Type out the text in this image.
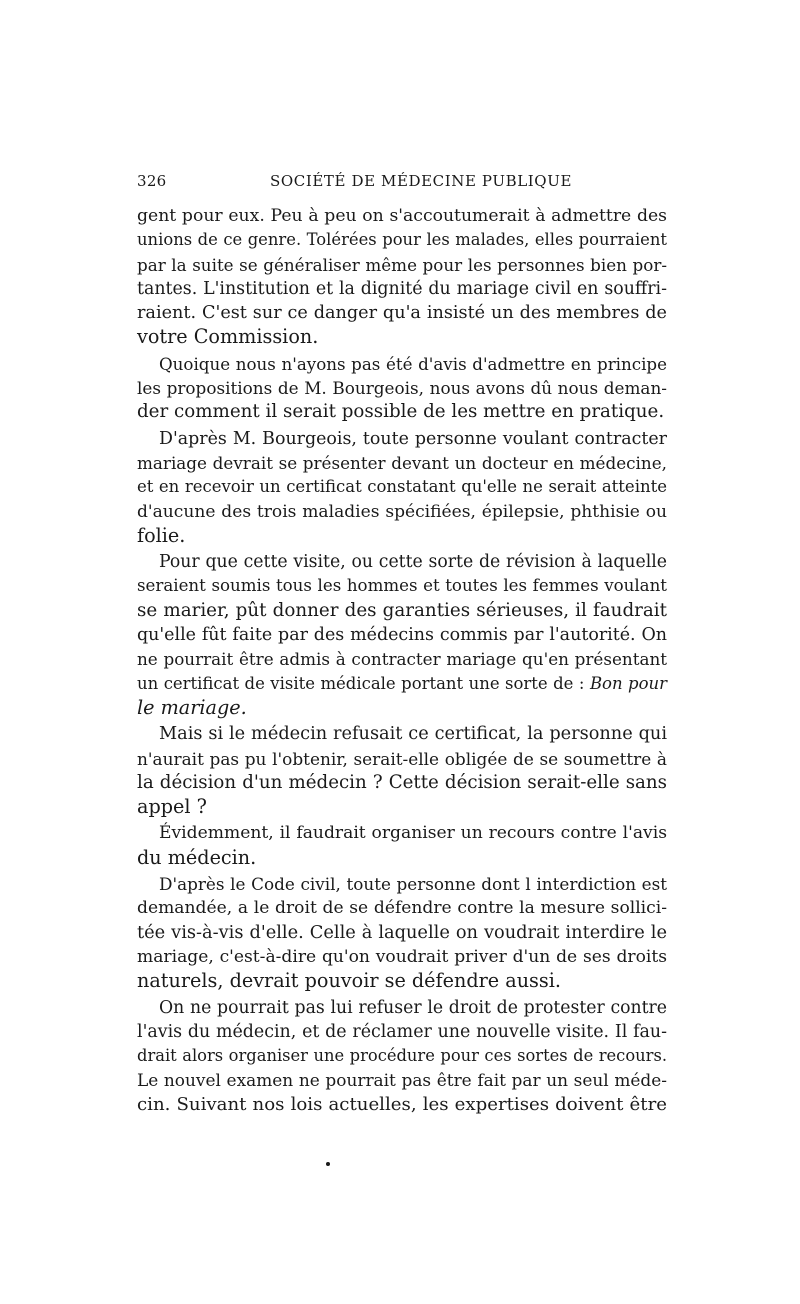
326	SOCIÉTÉ DE MÉDECINE PUBLIQUE

gent pour eux. Peu à peu on s'accoutumerait à admettre des

unions de ce genre. Tolérées pour les malades, elles pourraient

par la suite se généraliser même pour les personnes bien por-

tantes. L'institution et la dignité du mariage civil en souffri-

raient. C'est sur ce danger qu'a insisté un des membres de

votre Commission.

Quoique nous n'ayons pas été d'avis d'admettre en principe

les propositions de M. Bourgeois, nous avons dû nous deman-

der comment il serait possible de les mettre en pratique.

D'après M. Bourgeois, toute personne voulant contracter

mariage devrait se présenter devant un docteur en médecine,

et en recevoir un certificat constatant qu'elle ne serait atteinte

d'aucune des trois maladies spécifiées, épilepsie, phthisie ou

folie.

Pour que cette visite, ou cette sorte de révision à laquelle

seraient soumis tous les hommes et toutes les femmes voulant

se marier, pût donner des garanties sérieuses, il faudrait

qu'elle fût faite par des médecins commis par l'autorité. On

ne pourrait être admis à contracter mariage qu'en présentant

un certificat de visite médicale portant une sorte de : Bon pour

le mariage.

Mais si le médecin refusait ce certificat, la personne qui

n'aurait pas pu l'obtenir, serait-elle obligée de se soumettre à

la décision d'un médecin ? Cette décision serait-elle sans

appel ?

Évidemment, il faudrait organiser un recours contre l'avis

du médecin.

D'après le Code civil, toute personne dont l interdiction est

demandée, a le droit de se défendre contre la mesure sollici-

tée vis-à-vis d'elle. Celle à laquelle on voudrait interdire le

mariage, c'est-à-dire qu'on voudrait priver d'un de ses droits

naturels, devrait pouvoir se défendre aussi.

On ne pourrait pas lui refuser le droit de protester contre

l'avis du médecin, et de réclamer une nouvelle visite. Il fau-

drait alors organiser une procédure pour ces sortes de recours.

Le nouvel examen ne pourrait pas être fait par un seul méde-

cin. Suivant nos lois actuelles, les expertises doivent être
